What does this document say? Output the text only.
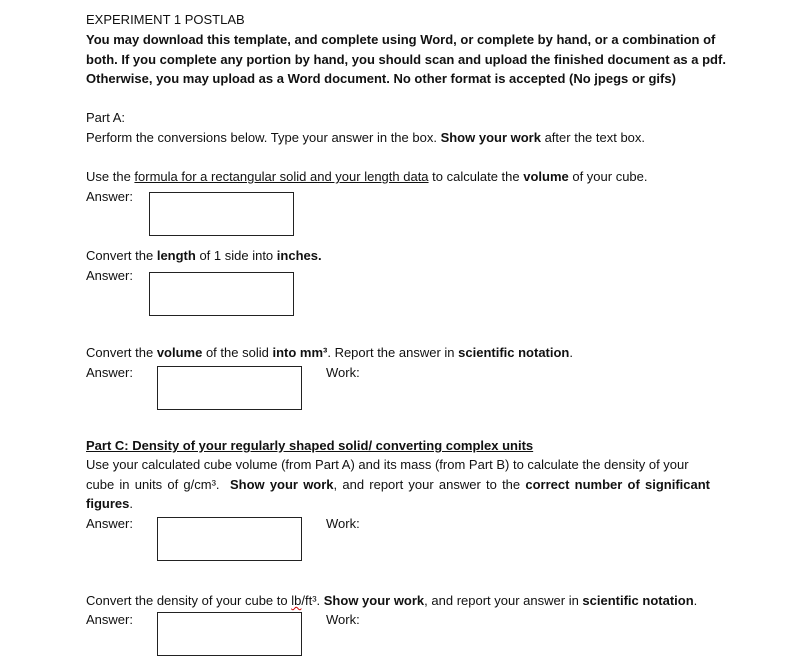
EXPERIMENT 1 POSTLAB
You may download this template, and complete using Word, or complete by hand, or a combination of
both. If you complete any portion by hand, you should scan and upload the finished document as a pdf.
Otherwise, you may upload as a Word document. No other format is accepted (No jpegs or gifs)
Part A:
Perform the conversions below. Type your answer in the box. Show your work after the text box.
Use the formula for a rectangular solid and your length data to calculate the volume of your cube.
Answer:
Convert the length of 1 side into inches.
Answer:
Convert the volume of the solid into mm³. Report the answer in scientific notation.
Answer:	Work:
Part C: Density of your regularly shaped solid/ converting complex units
Use your calculated cube volume (from Part A) and its mass (from Part B) to calculate the density of your
cube in units of g/cm³.  Show your work, and report your answer to the correct number of significant
figures.
Answer:	Work:
Convert the density of your cube to lb/ft³. Show your work, and report your answer in scientific notation.
Answer:	Work:
